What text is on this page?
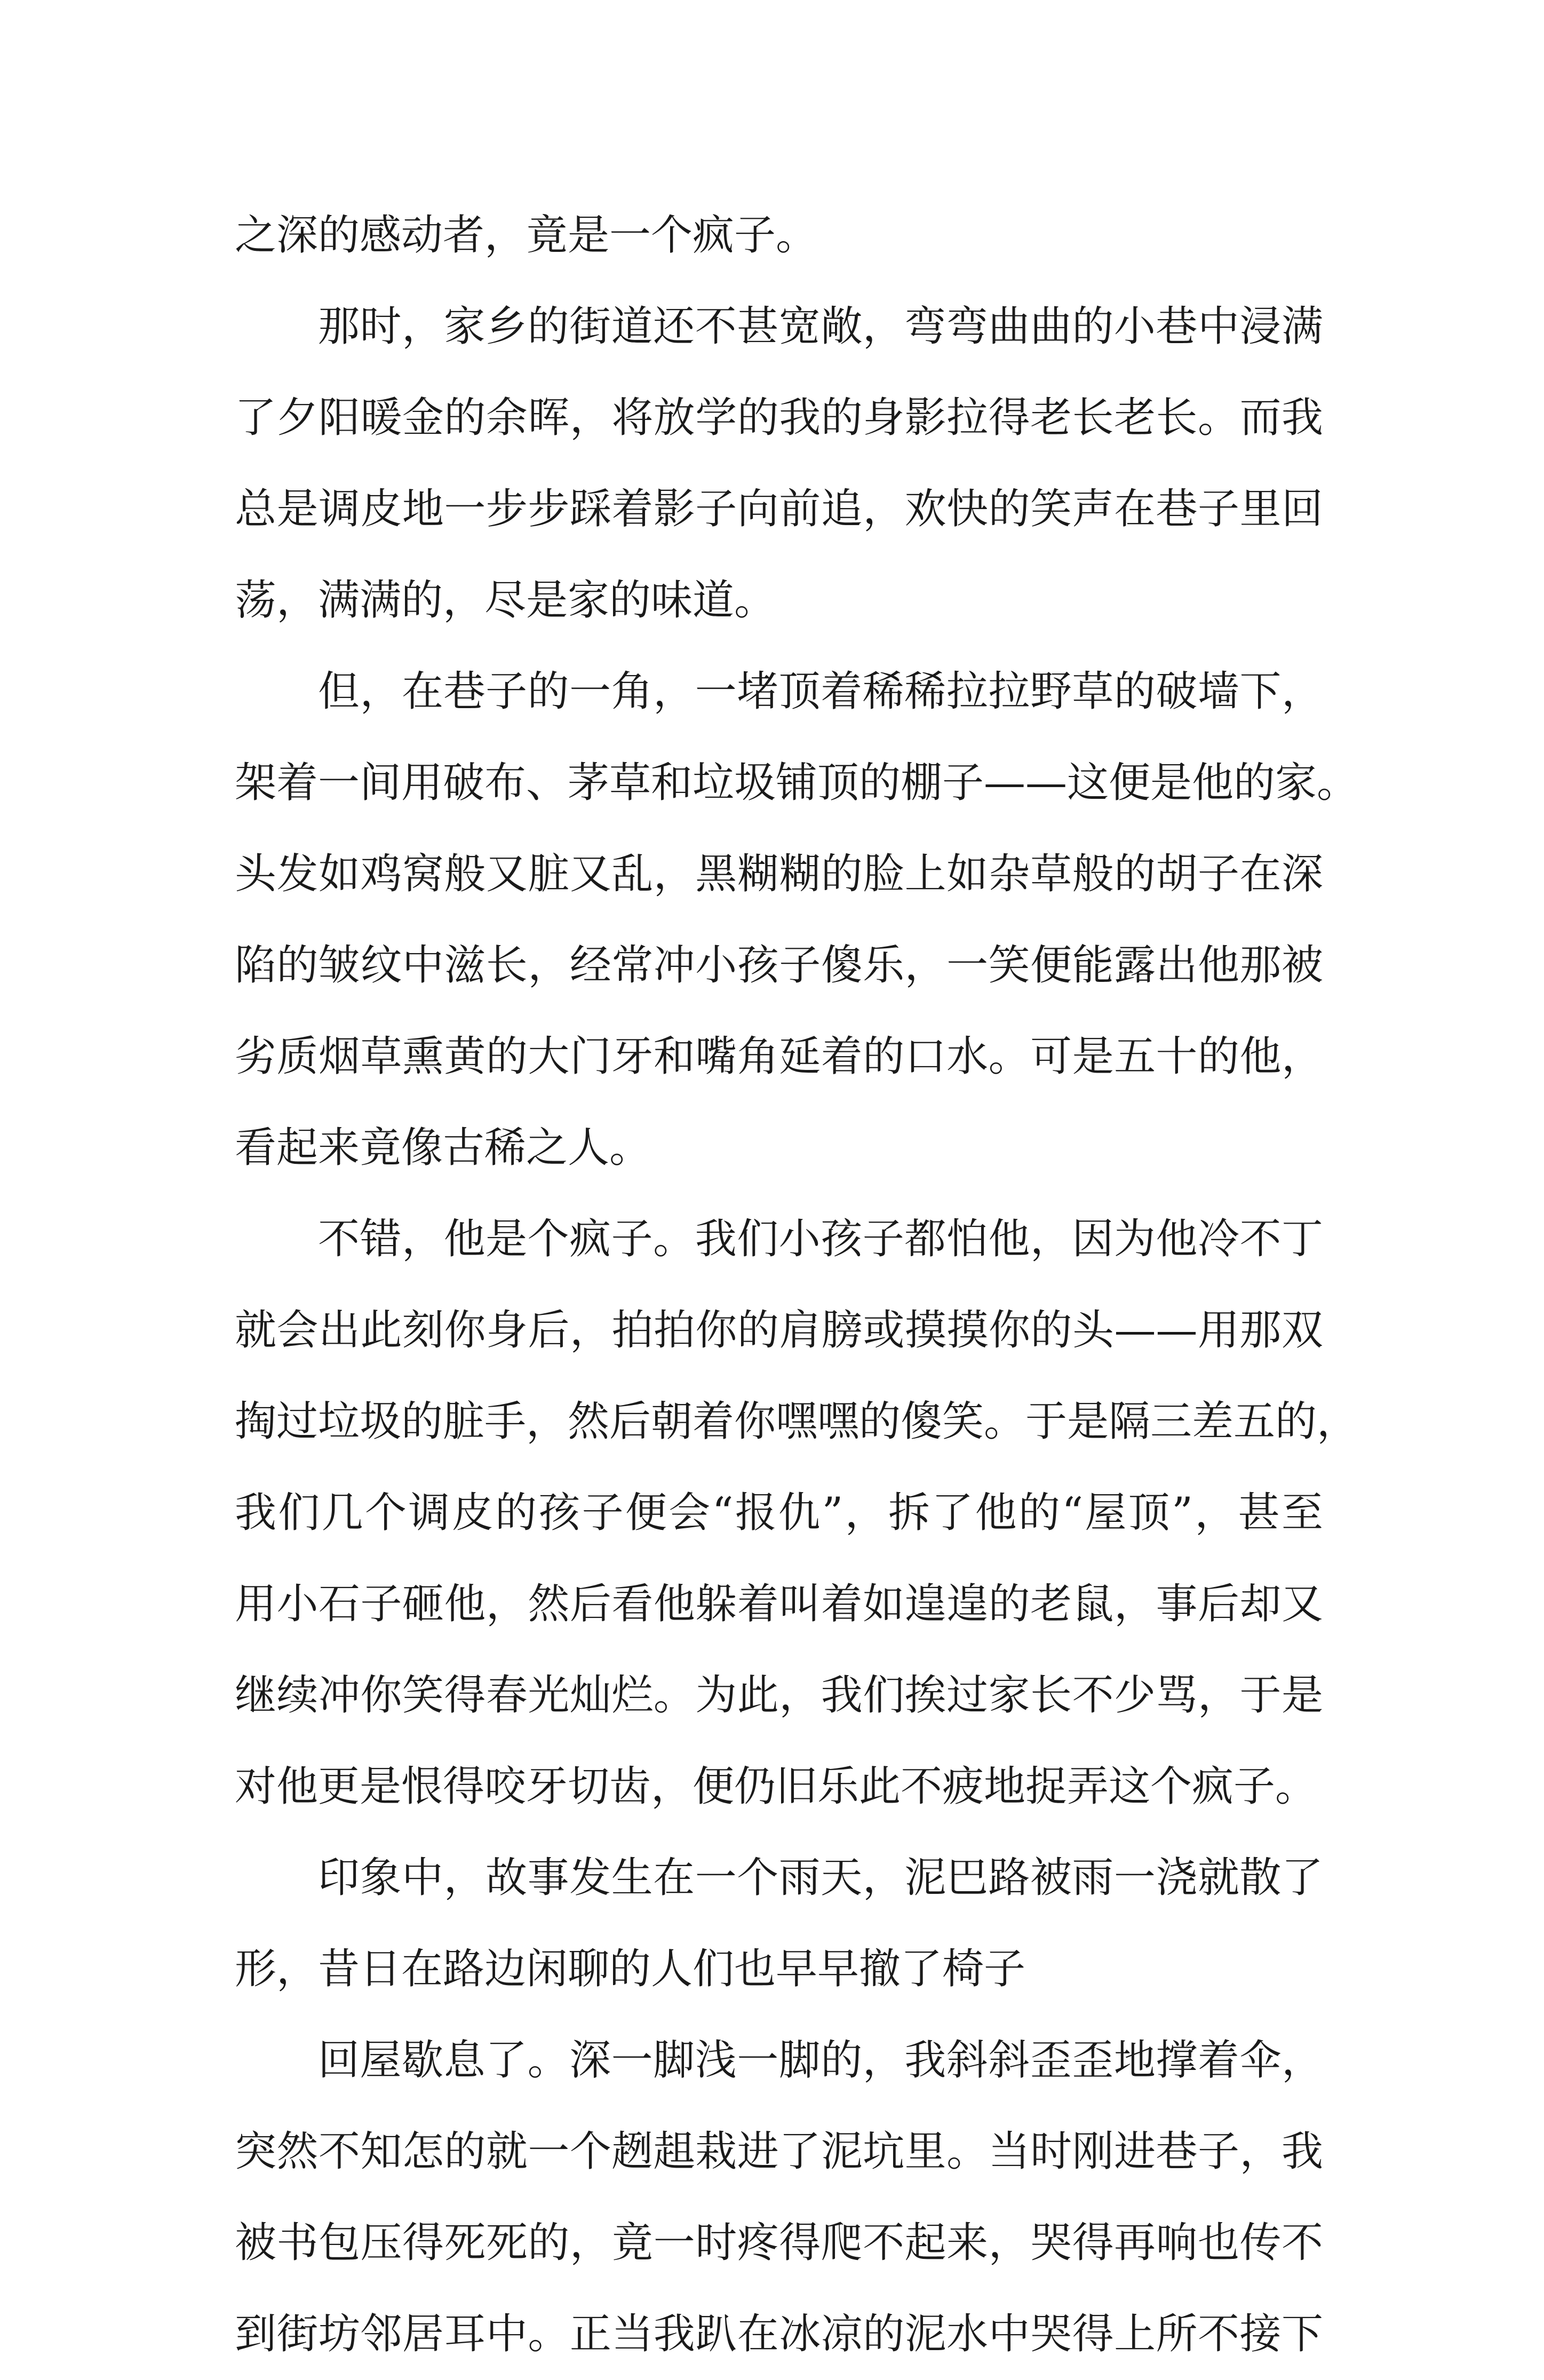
之深的感动者，竟是一个疯子。
那时，家乡的街道还不甚宽敞，弯弯曲曲的小巷中浸满
了夕阳暖金的余晖，将放学的我的身影拉得老长老长。而我
总是调皮地一步步踩着影子向前追，欢快的笑声在巷子里回
荡，满满的，尽是家的味道。
但，在巷子的一角，一堵顶着稀稀拉拉野草的破墙下，
架着一间用破布、茅草和垃圾铺顶的棚子——这便是他的家。
头发如鸡窝般又脏又乱，黑糊糊的脸上如杂草般的胡子在深
陷的皱纹中滋长，经常冲小孩子傻乐，一笑便能露出他那被
劣质烟草熏黄的大门牙和嘴角延着的口水。可是五十的他，
看起来竟像古稀之人。
不错，他是个疯子。我们小孩子都怕他，因为他冷不丁
就会出此刻你身后，拍拍你的肩膀或摸摸你的头——用那双
掏过垃圾的脏手，然后朝着你嘿嘿的傻笑。于是隔三差五的，
我们几个调皮的孩子便会“报仇”，拆了他的“屋顶”，甚至
用小石子砸他，然后看他躲着叫着如遑遑的老鼠，事后却又
继续冲你笑得春光灿烂。为此，我们挨过家长不少骂，于是
对他更是恨得咬牙切齿，便仍旧乐此不疲地捉弄这个疯子。
印象中，故事发生在一个雨天，泥巴路被雨一浇就散了
形，昔日在路边闲聊的人们也早早撤了椅子
回屋歇息了。深一脚浅一脚的，我斜斜歪歪地撑着伞，
突然不知怎的就一个趔趄栽进了泥坑里。当时刚进巷子，我
被书包压得死死的，竟一时疼得爬不起来，哭得再响也传不
到街坊邻居耳中。正当我趴在冰凉的泥水中哭得上所不接下
